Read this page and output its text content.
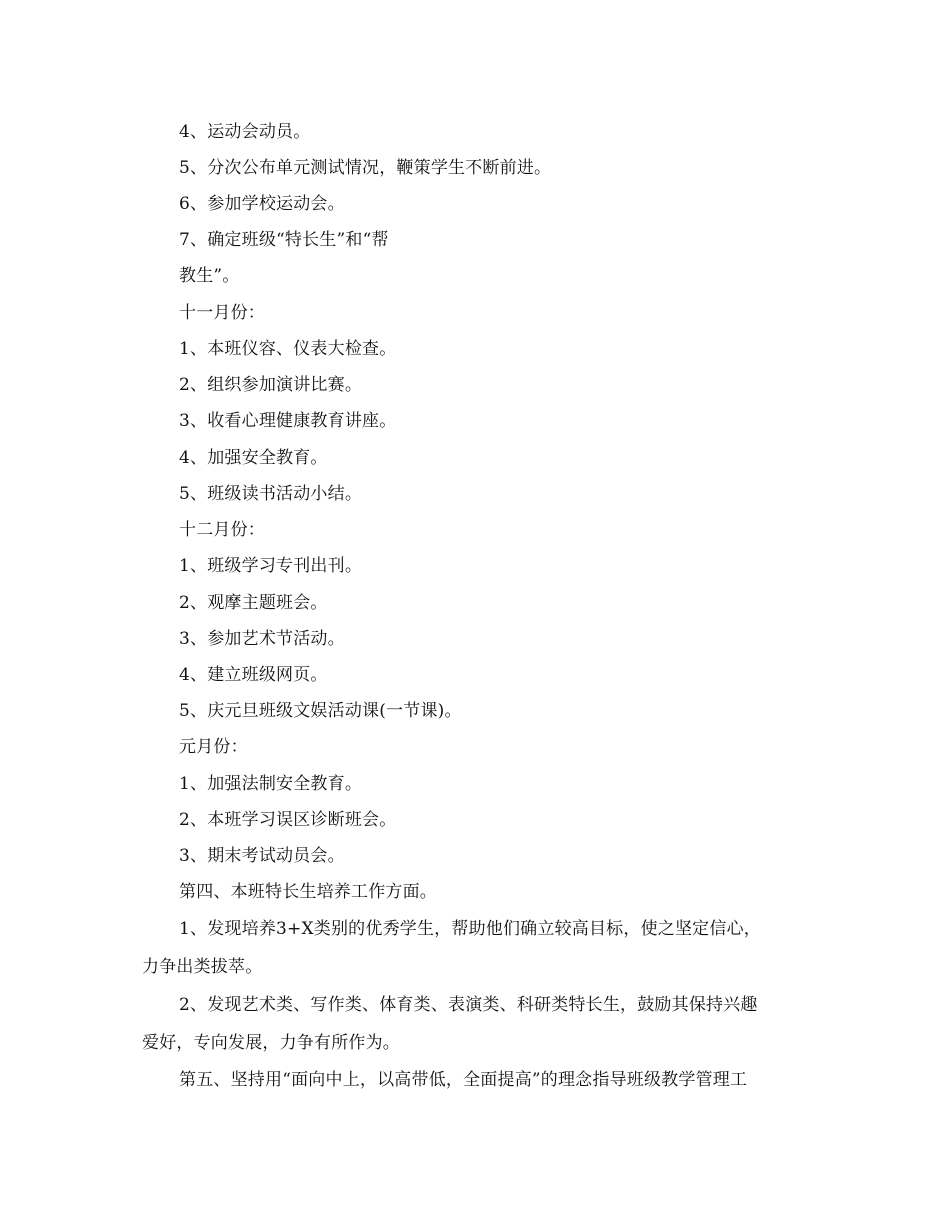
4、运动会动员。
5、分次公布单元测试情况，鞭策学生不断前进。
6、参加学校运动会。
7、确定班级“特长生”和“帮
教生”。
十一月份：
1、本班仪容、仪表大检查。
2、组织参加演讲比赛。
3、收看心理健康教育讲座。
4、加强安全教育。
5、班级读书活动小结。
十二月份：
1、班级学习专刊出刊。
2、观摩主题班会。
3、参加艺术节活动。
4、建立班级网页。
5、庆元旦班级文娱活动课(一节课)。
元月份：
1、加强法制安全教育。
2、本班学习误区诊断班会。
3、期末考试动员会。
第四、本班特长生培养工作方面。
1、发现培养3+X类别的优秀学生，帮助他们确立较高目标，使之坚定信心，
力争出类拔萃。
2、发现艺术类、写作类、体育类、表演类、科研类特长生，鼓励其保持兴趣
爱好，专向发展，力争有所作为。
第五、坚持用“面向中上，以高带低，全面提高”的理念指导班级教学管理工
